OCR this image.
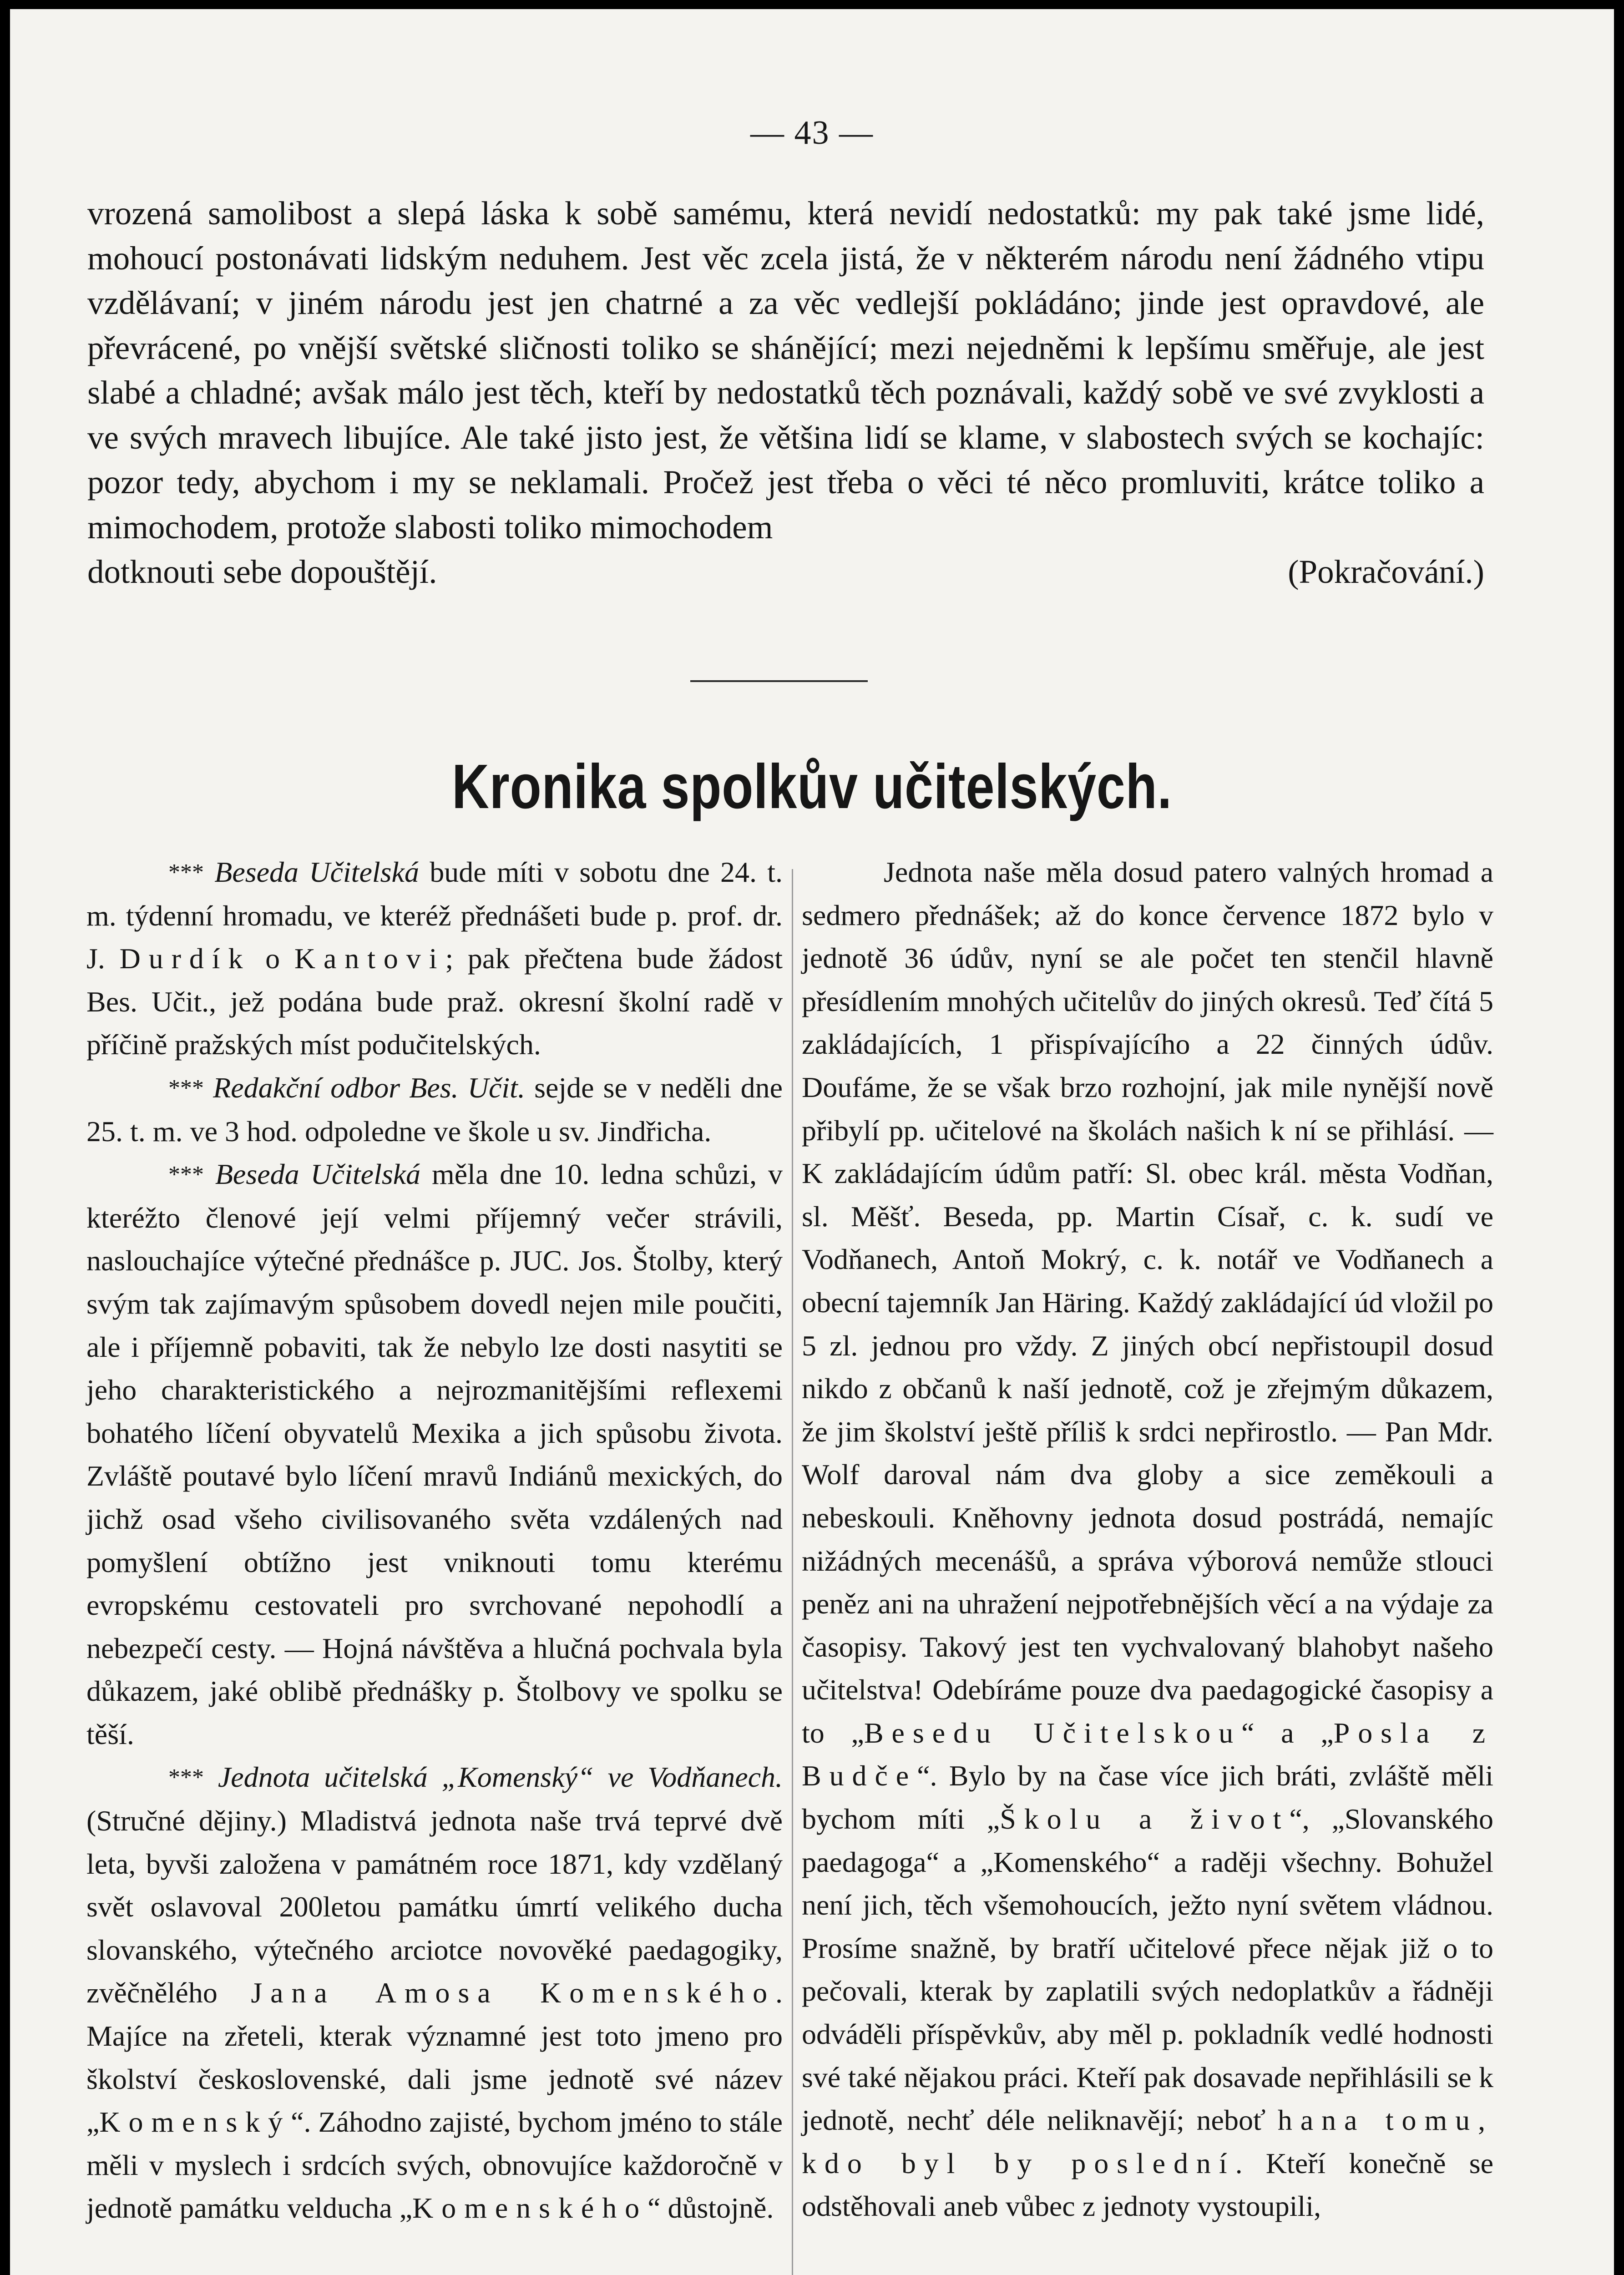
— 43 —

vrozená samolibost a slepá láska k sobě samému, která nevidí nedostatků: my pak také jsme lidé, mohoucí postonávati lidským neduhem. Jest věc zcela jistá, že v některém národu není žádného vtipu vzdělávaní; v jiném národu jest jen chatrné a za věc vedlejší pokládáno; jinde jest opravdové, ale převrácené, po vnější světské sličnosti toliko se shánějící; mezi nejedněmi k lepšímu směřuje, ale jest slabé a chladné; avšak málo jest těch, kteří by nedostatků těch poznávali, každý sobě ve své zvyklosti a ve svých mravech libujíce. Ale také jisto jest, že většina lidí se klame, v slabostech svých se kochajíc: pozor tedy, abychom i my se neklamali. Pročež jest třeba o věci té něco promluviti, krátce toliko a mimochodem, protože slabosti toliko mimochodem

dotknouti sebe dopouštějí.	(Pokračování.)
Kronika spolkův učitelských.

*** Beseda Učitelská bude míti v sobotu dne 24. t. m. týdenní hromadu, ve kteréž přednášeti bude p. prof. dr. J. Durdík o Kantovi; pak přečtena bude žádost Bes. Učit., jež podána bude praž. okresní školní radě v příčině pražských míst podučitelských.

*** Redakční odbor Bes. Učit. sejde se v neděli dne 25. t. m. ve 3 hod. odpoledne ve škole u sv. Jindřicha.

*** Beseda Učitelská měla dne 10. ledna schůzi, v kteréžto členové její velmi příjemný večer strávili, naslouchajíce výtečné přednášce p. JUC. Jos. Štolby, který svým tak zajímavým spůsobem dovedl nejen mile poučiti, ale i příjemně pobaviti, tak že nebylo lze dosti nasytiti se jeho charakteristického a nejrozmanitějšími reflexemi bohatého líčení obyvatelů Mexika a jich spůsobu života. Zvláště poutavé bylo líčení mravů Indiánů mexických, do jichž osad všeho civilisovaného světa vzdálených nad pomyšlení obtížno jest vniknouti tomu kterému evropskému cestovateli pro svrchované nepohodlí a nebezpečí cesty. — Hojná návštěva a hlučná pochvala byla důkazem, jaké oblibě přednášky p. Štolbovy ve spolku se těší.

*** Jednota učitelská „Komenský“ ve Vodňanech. (Stručné dějiny.) Mladistvá jednota naše trvá teprvé dvě leta, byvši založena v památném roce 1871, kdy vzdělaný svět oslavoval 200letou památku úmrtí velikého ducha slovanského, výtečného arciotce novověké paedagogiky, zvěčnělého Jana Amosa Komenského. Majíce na zřeteli, kterak významné jest toto jmeno pro školství československé, dali jsme jednotě své název „Komenský“. Záhodno zajisté, bychom jméno to stále měli v myslech i srdcích svých, obnovujíce každoročně v jednotě památku velducha „Komenského“ důstojně.

Jednota naše měla dosud patero valných hromad a sedmero přednášek; až do konce července 1872 bylo v jednotě 36 údův, nyní se ale počet ten stenčil hlavně přesídlením mnohých učitelův do jiných okresů. Teď čítá 5 zakládajících, 1 přispívajícího a 22 činných údův. Doufáme, že se však brzo rozhojní, jak mile nynější nově přibylí pp. učitelové na školách našich k ní se přihlásí. — K zakládajícím údům patří: Sl. obec král. města Vodňan, sl. Měšť. Beseda, pp. Martin Císař, c. k. sudí ve Vodňanech, Antoň Mokrý, c. k. notář ve Vodňanech a obecní tajemník Jan Häring. Každý zakládající úd vložil po 5 zl. jednou pro vždy. Z jiných obcí nepřistoupil dosud nikdo z občanů k naší jednotě, což je zřejmým důkazem, že jim školství ještě příliš k srdci nepřirostlo. — Pan Mdr. Wolf daroval nám dva globy a sice zeměkouli a nebeskouli. Kněhovny jednota dosud postrádá, nemajíc nižádných mecenášů, a správa výborová nemůže stlouci peněz ani na uhražení nejpotřebnějších věcí a na výdaje za časopisy. Takový jest ten vychvalovaný blahobyt našeho učitelstva! Odebíráme pouze dva paedagogické časopisy a to „Besedu Učitelskou“ a „Posla z Budče“. Bylo by na čase více jich bráti, zvláště měli bychom míti „Školu a život“, „Slovanského paedagoga“ a „Komenského“ a raději všechny. Bohužel není jich, těch všemohoucích, ježto nyní světem vládnou. Prosíme snažně, by bratří učitelové přece nějak již o to pečovali, kterak by zaplatili svých nedoplatkův a řádněji odváděli příspěvkův, aby měl p. pokladník vedlé hodnosti své také nějakou práci. Kteří pak dosavade nepřihlásili se k jednotě, nechť déle neliknavějí; neboť hana tomu, kdo byl by poslední. Kteří konečně se odstěhovali aneb vůbec z jednoty vystoupili,
